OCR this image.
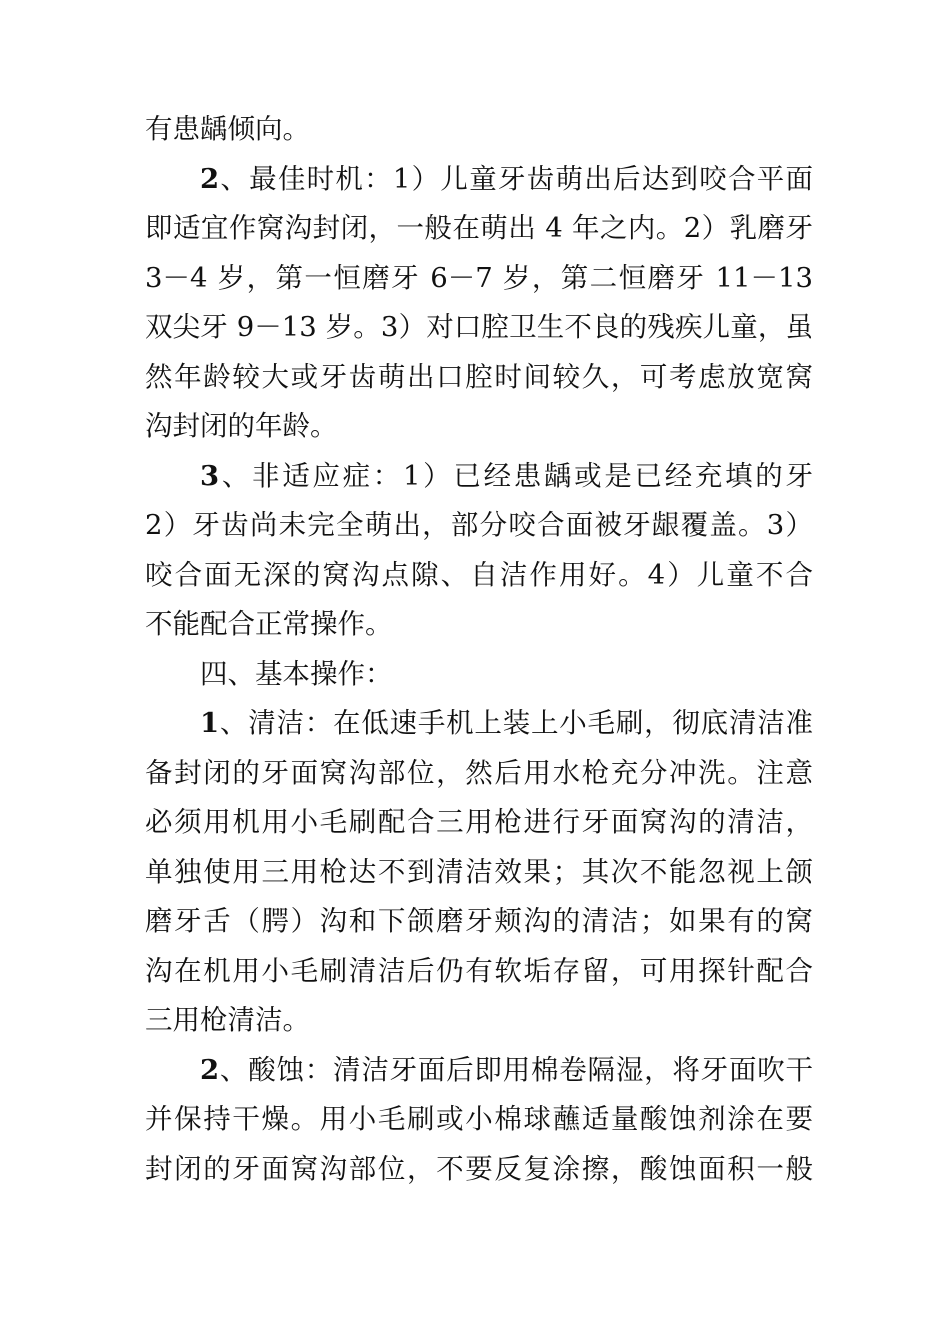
有患龋倾向。
2、最佳时机：1）儿童牙齿萌出后达到咬合平面
即适宜作窝沟封闭，一般在萌出 4 年之内。2）乳磨牙
3－4 岁，第一恒磨牙 6－7 岁，第二恒磨牙 11－13
双尖牙 9－13 岁。3）对口腔卫生不良的残疾儿童，虽
然年龄较大或牙齿萌出口腔时间较久，可考虑放宽窝
沟封闭的年龄。
3、非适应症：1）已经患龋或是已经充填的牙
2）牙齿尚未完全萌出，部分咬合面被牙龈覆盖。3）
咬合面无深的窝沟点隙、自洁作用好。4）儿童不合
不能配合正常操作。
四、基本操作：
1、清洁：在低速手机上装上小毛刷，彻底清洁准
备封闭的牙面窝沟部位，然后用水枪充分冲洗。注意
必须用机用小毛刷配合三用枪进行牙面窝沟的清洁，
单独使用三用枪达不到清洁效果；其次不能忽视上颌
磨牙舌（腭）沟和下颌磨牙颊沟的清洁；如果有的窝
沟在机用小毛刷清洁后仍有软垢存留，可用探针配合
三用枪清洁。
2、酸蚀：清洁牙面后即用棉卷隔湿，将牙面吹干
并保持干燥。用小毛刷或小棉球蘸适量酸蚀剂涂在要
封闭的牙面窝沟部位，不要反复涂擦，酸蚀面积一般
